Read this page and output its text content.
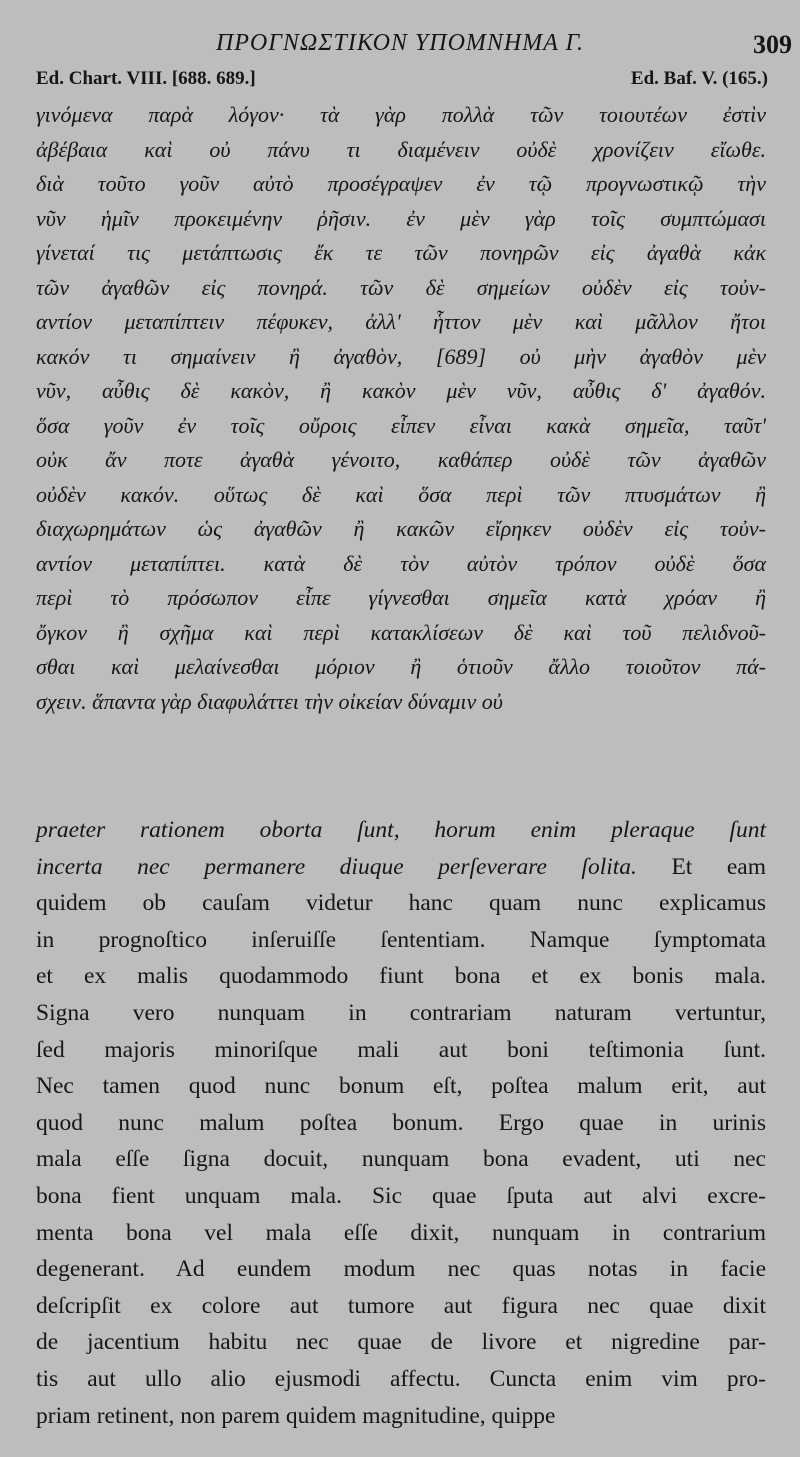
ΠΡΟΓΝΩΣΤΙΚΟΝ ΥΠΟΜΝΗΜΑ Γ.	309
Ed. Chart. VIII. [688. 689.]	Ed. Baf. V. (165.)
γινόμενα παρὰ λόγον· τὰ γὰρ πολλὰ τῶν τοιουτέων ἐστὶν
ἀβέβαια καὶ οὐ πάνυ τι διαμένειν οὐδὲ χρονίζειν εἴωθε.
διὰ τοῦτο γοῦν αὐτὸ προσέγραψεν ἐν τῷ προγνωστικῷ τὴν
νῦν ἡμῖν προκειμένην ῥῆσιν. ἐν μὲν γὰρ τοῖς συμπτώμασι
γίνεταί τις μετάπτωσις ἔκ τε τῶν πονηρῶν εἰς ἀγαθὰ κἀκ
τῶν ἀγαθῶν εἰς πονηρά. τῶν δὲ σημείων οὐδὲν εἰς τοὐν-
αντίον μεταπίπτειν πέφυκεν, ἀλλ' ἧττον μὲν καὶ μᾶλλον ἤτοι
κακόν τι σημαίνειν ἢ ἀγαθὸν, [689] οὐ μὴν ἀγαθὸν μὲν
νῦν, αὖθις δὲ κακὸν, ἢ κακὸν μὲν νῦν, αὖθις δ' ἀγαθόν.
ὅσα γοῦν ἐν τοῖς οὔροις εἶπεν εἶναι κακὰ σημεῖα, ταῦτ'
οὐκ ἄν ποτε ἀγαθὰ γένοιτο, καθάπερ οὐδὲ τῶν ἀγαθῶν
οὐδὲν κακόν. οὕτως δὲ καὶ ὅσα περὶ τῶν πτυσμάτων ἢ
διαχωρημάτων ὡς ἀγαθῶν ἢ κακῶν εἴρηκεν οὐδὲν εἰς τοὐν-
αντίον μεταπίπτει. κατὰ δὲ τὸν αὐτὸν τρόπον οὐδὲ ὅσα
περὶ τὸ πρόσωπον εἶπε γίγνεσθαι σημεῖα κατὰ χρόαν ἢ
ὄγκον ἢ σχῆμα καὶ περὶ κατακλίσεων δὲ καὶ τοῦ πελιδνοῦ-
σθαι καὶ μελαίνεσθαι μόριον ἢ ὁτιοῦν ἄλλο τοιοῦτον πά-
σχειν. ἅπαντα γὰρ διαφυλάττει τὴν οἰκείαν δύναμιν οὐ
praeter rationem oborta ſunt, horum enim pleraque ſunt
incerta nec permanere diuque perſeverare ſolita. Et eam
quidem ob cauſam videtur hanc quam nunc explicamus
in prognoſtico inſeruiſſe ſententiam. Namque ſymptomata
et ex malis quodammodo fiunt bona et ex bonis mala.
Signa vero nunquam in contrariam naturam vertuntur,
ſed majoris minoriſque mali aut boni teſtimonia ſunt.
Nec tamen quod nunc bonum eſt, poſtea malum erit, aut
quod nunc malum poſtea bonum. Ergo quae in urinis
mala eſſe ſigna docuit, nunquam bona evadent, uti nec
bona fient unquam mala. Sic quae ſputa aut alvi excre-
menta bona vel mala eſſe dixit, nunquam in contrarium
degenerant. Ad eundem modum nec quas notas in facie
deſcripſit ex colore aut tumore aut figura nec quae dixit
de jacentium habitu nec quae de livore et nigredine par-
tis aut ullo alio ejusmodi affectu. Cuncta enim vim pro-
priam retinent, non parem quidem magnitudine, quippe
